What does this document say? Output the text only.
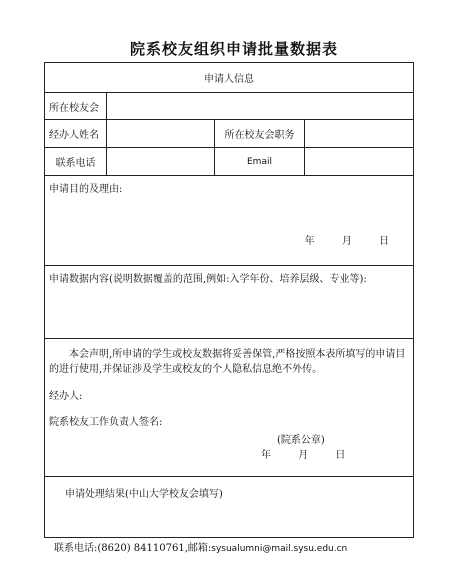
院系校友组织申请批量数据表
申请人信息			
所在校友会			
经办人姓名		所在校友会职务	
联系电话		Email	

申请目的及理由:
年 月 日			

申请数据内容(说明数据覆盖的范围,例如:入学年份、培养层级、专业等):			

本会声明,所申请的学生或校友数据将妥善保管,严格按照本表所填写的申请目的进行使用,并保证涉及学生或校友的个人隐私信息绝不外传。
经办人:
院系校友工作负责人签名:
(院系公章)
年 月 日			

申请处理结果(中山大学校友会填写)			
联系电话:(8620) 84110761,邮箱:sysualumni@mail.sysu.edu.cn
